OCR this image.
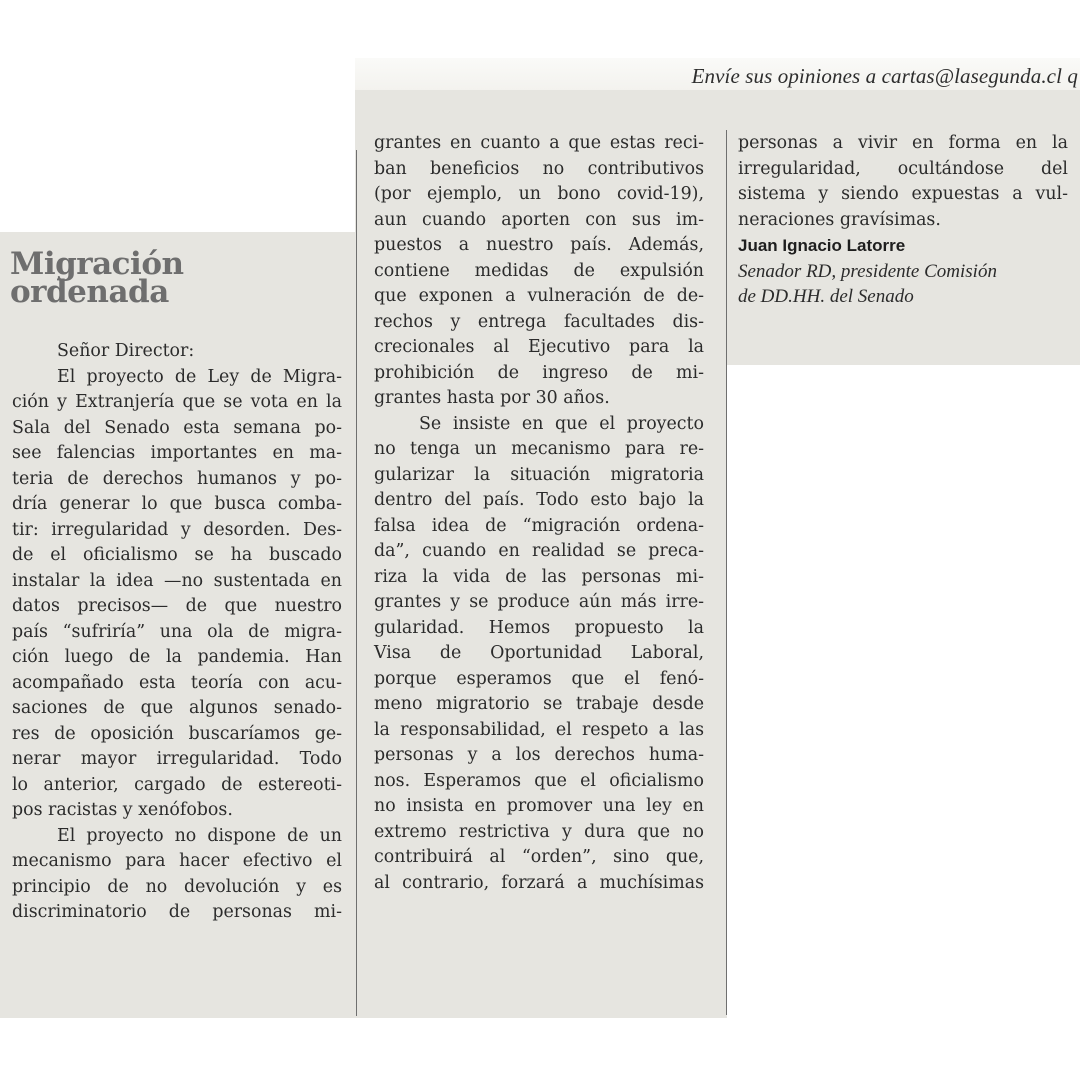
Envíe sus opiniones a cartas@lasegunda.cl q
Migración
ordenada
Señor Director:
El proyecto de Ley de Migra-
ción y Extranjería que se vota en la
Sala del Senado esta semana po-
see falencias importantes en ma-
teria de derechos humanos y po-
dría generar lo que busca comba-
tir: irregularidad y desorden. Des-
de el oficialismo se ha buscado
instalar la idea —no sustentada en
datos precisos— de que nuestro
país “sufriría” una ola de migra-
ción luego de la pandemia. Han
acompañado esta teoría con acu-
saciones de que algunos senado-
res de oposición buscaríamos ge-
nerar mayor irregularidad. Todo
lo anterior, cargado de estereoti-
pos racistas y xenófobos.
El proyecto no dispone de un
mecanismo para hacer efectivo el
principio de no devolución y es
discriminatorio de personas mi-
grantes en cuanto a que estas reci-
ban beneficios no contributivos
(por ejemplo, un bono covid-19),
aun cuando aporten con sus im-
puestos a nuestro país. Además,
contiene medidas de expulsión
que exponen a vulneración de de-
rechos y entrega facultades dis-
crecionales al Ejecutivo para la
prohibición de ingreso de mi-
grantes hasta por 30 años.
Se insiste en que el proyecto
no tenga un mecanismo para re-
gularizar la situación migratoria
dentro del país. Todo esto bajo la
falsa idea de “migración ordena-
da”, cuando en realidad se preca-
riza la vida de las personas mi-
grantes y se produce aún más irre-
gularidad. Hemos propuesto la
Visa de Oportunidad Laboral,
porque esperamos que el fenó-
meno migratorio se trabaje desde
la responsabilidad, el respeto a las
personas y a los derechos huma-
nos. Esperamos que el oficialismo
no insista en promover una ley en
extremo restrictiva y dura que no
contribuirá al “orden”, sino que,
al contrario, forzará a muchísimas
personas a vivir en forma en la
irregularidad, ocultándose del
sistema y siendo expuestas a vul-
neraciones gravísimas.
Juan Ignacio Latorre
Senador RD, presidente Comisión
de DD.HH. del Senado
